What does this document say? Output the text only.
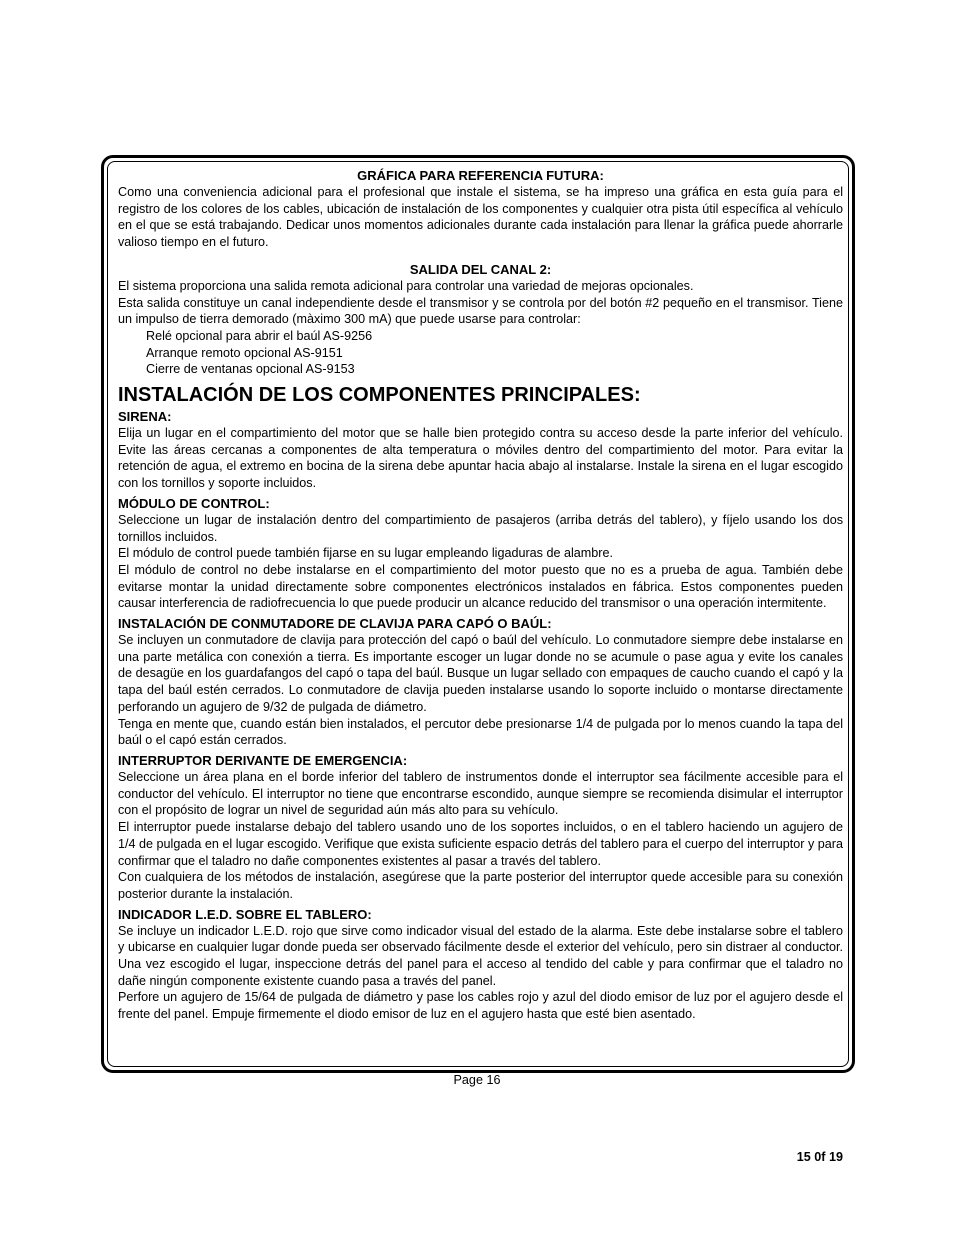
GRÁFICA PARA REFERENCIA FUTURA:

Como una conveniencia adicional para el profesional que instale el sistema, se ha impreso una gráfica en esta guía para el registro de los colores de los cables, ubicación de instalación de los componentes y cualquier otra pista útil específica al vehículo en el que se está trabajando. Dedicar unos momentos adicionales durante cada instalación para llenar la gráfica puede ahorrarle valioso tiempo en el futuro.

SALIDA DEL CANAL 2:

El sistema proporciona una salida remota adicional para controlar una variedad de mejoras opcionales.

Esta salida constituye un canal independiente desde el transmisor y se controla por del botón #2 pequeño en el transmisor. Tiene un impulso de tierra demorado (màximo 300 mA) que puede usarse para controlar:

Relé opcional para abrir el baúl AS-9256

Arranque remoto opcional AS-9151

Cierre de ventanas opcional AS-9153

INSTALACIÓN DE LOS COMPONENTES PRINCIPALES:

SIRENA:

Elija un lugar en el compartimiento del motor que se halle bien protegido contra su acceso desde la parte inferior del vehículo. Evite las áreas cercanas a componentes de alta temperatura o móviles dentro del compartimiento del motor. Para evitar la retención de agua, el extremo en bocina de la sirena debe apuntar hacia abajo al instalarse. Instale la sirena en el lugar escogido con los tornillos y soporte incluidos.

MÓDULO DE CONTROL:

Seleccione un lugar de instalación dentro del compartimiento de pasajeros (arriba detrás del tablero), y fíjelo usando los dos tornillos incluidos.

El módulo de control puede también fijarse en su lugar empleando ligaduras de alambre.

El módulo de control no debe instalarse en el compartimiento del motor puesto que no es a prueba de agua. También debe evitarse montar la unidad directamente sobre componentes electrónicos instalados en fábrica. Estos componentes pueden causar interferencia de radiofrecuencia lo que puede producir un alcance reducido del transmisor o una operación intermitente.

INSTALACIÓN DE CONMUTADORE DE CLAVIJA PARA CAPÓ O BAÚL:

Se incluyen un conmutadore de clavija para protección del capó o baúl del vehículo. Lo conmutadore siempre debe instalarse en una parte metálica con conexión a tierra. Es importante escoger un lugar donde no se acumule o pase agua y evite los canales de desagüe en los guardafangos del capó o tapa del baúl. Busque un lugar sellado con empaques de caucho cuando el capó y la tapa del baúl estén cerrados. Lo conmutadore de clavija pueden instalarse usando lo soporte incluido o montarse directamente perforando un agujero de 9/32 de pulgada de diámetro.

Tenga en mente que, cuando están bien instalados, el percutor debe presionarse 1/4 de pulgada por lo menos cuando la tapa del baúl o el capó están cerrados.

INTERRUPTOR DERIVANTE DE EMERGENCIA:

Seleccione un área plana en el borde inferior del tablero de instrumentos donde el interruptor sea fácilmente accesible para el conductor del vehículo. El interruptor no tiene que encontrarse escondido, aunque siempre se recomienda disimular el interruptor con el propósito de lograr un nivel de seguridad aún más alto para su vehículo.

El interruptor puede instalarse debajo del tablero usando uno de los soportes incluidos, o en el tablero haciendo un agujero de 1/4 de pulgada en el lugar escogido. Verifique que exista suficiente espacio detrás del tablero para el cuerpo del interruptor y para confirmar que el taladro no dañe componentes existentes al pasar a través del tablero.

Con cualquiera de los métodos de instalación, asegúrese que la parte posterior del interruptor quede accesible para su conexión posterior durante la instalación.

INDICADOR L.E.D. SOBRE EL TABLERO:

Se incluye un indicador L.E.D. rojo que sirve como indicador visual del estado de la alarma. Este debe instalarse sobre el tablero y ubicarse en cualquier lugar donde pueda ser observado fácilmente desde el exterior del vehículo, pero sin distraer al conductor. Una vez escogido el lugar, inspeccione detrás del panel para el acceso al tendido del cable y para confirmar que el taladro no dañe ningún componente existente cuando pasa a través del panel.

Perfore un agujero de 15/64 de pulgada de diámetro y pase los cables rojo y azul del diodo emisor de luz por el agujero desde el frente del panel. Empuje firmemente el diodo emisor de luz en el agujero hasta que esté bien asentado.

Page 16
15 0f 19
